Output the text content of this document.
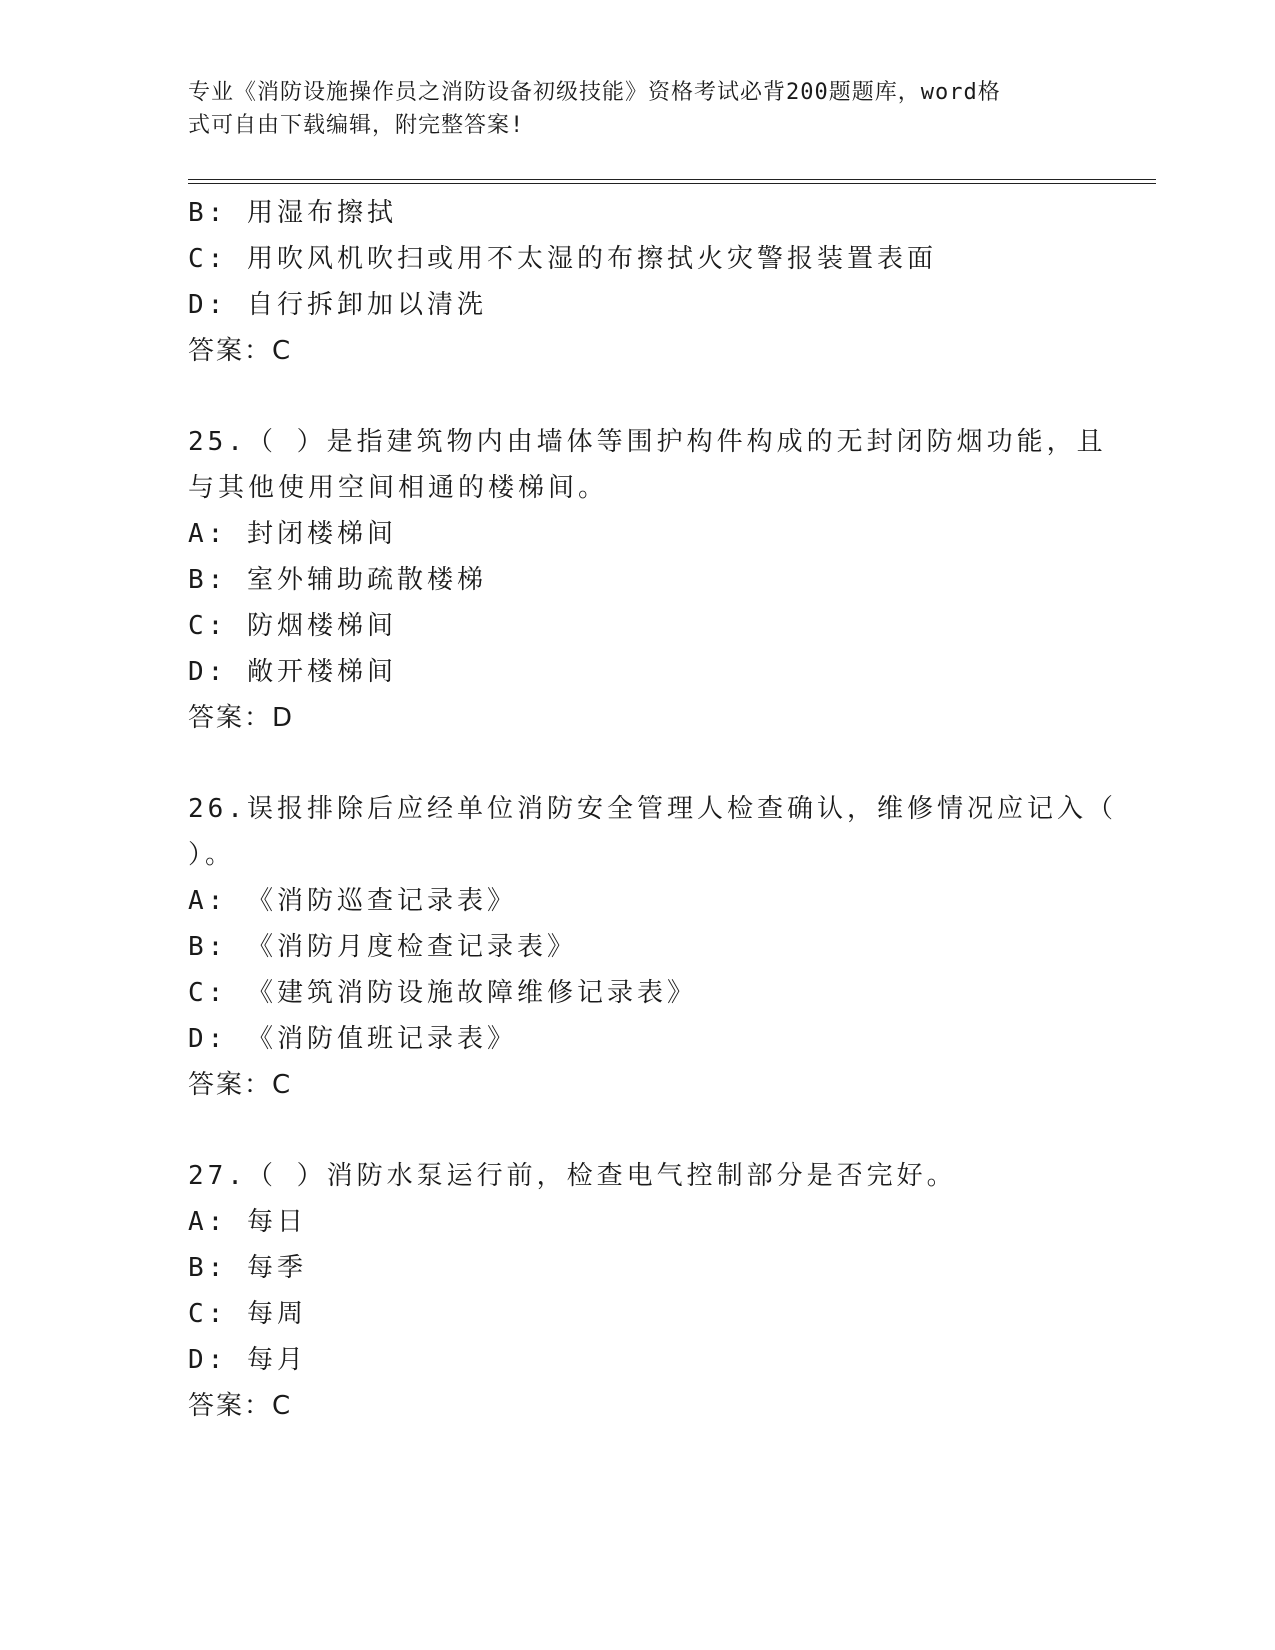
专业《消防设施操作员之消防设备初级技能》资格考试必背200题题库，word格
式可自由下载编辑，附完整答案!
B: 用湿布擦拭
C: 用吹风机吹扫或用不太湿的布擦拭火灾警报装置表面
D: 自行拆卸加以清洗
答案：C
25.（ ）是指建筑物内由墙体等围护构件构成的无封闭防烟功能，且
与其他使用空间相通的楼梯间。
A: 封闭楼梯间
B: 室外辅助疏散楼梯
C: 防烟楼梯间
D: 敞开楼梯间
答案：D
26.误报排除后应经单位消防安全管理人检查确认，维修情况应记入（
）。
A: 《消防巡查记录表》
B: 《消防月度检查记录表》
C: 《建筑消防设施故障维修记录表》
D: 《消防值班记录表》
答案：C
27.（ ）消防水泵运行前，检查电气控制部分是否完好。
A: 每日
B: 每季
C: 每周
D: 每月
答案：C
